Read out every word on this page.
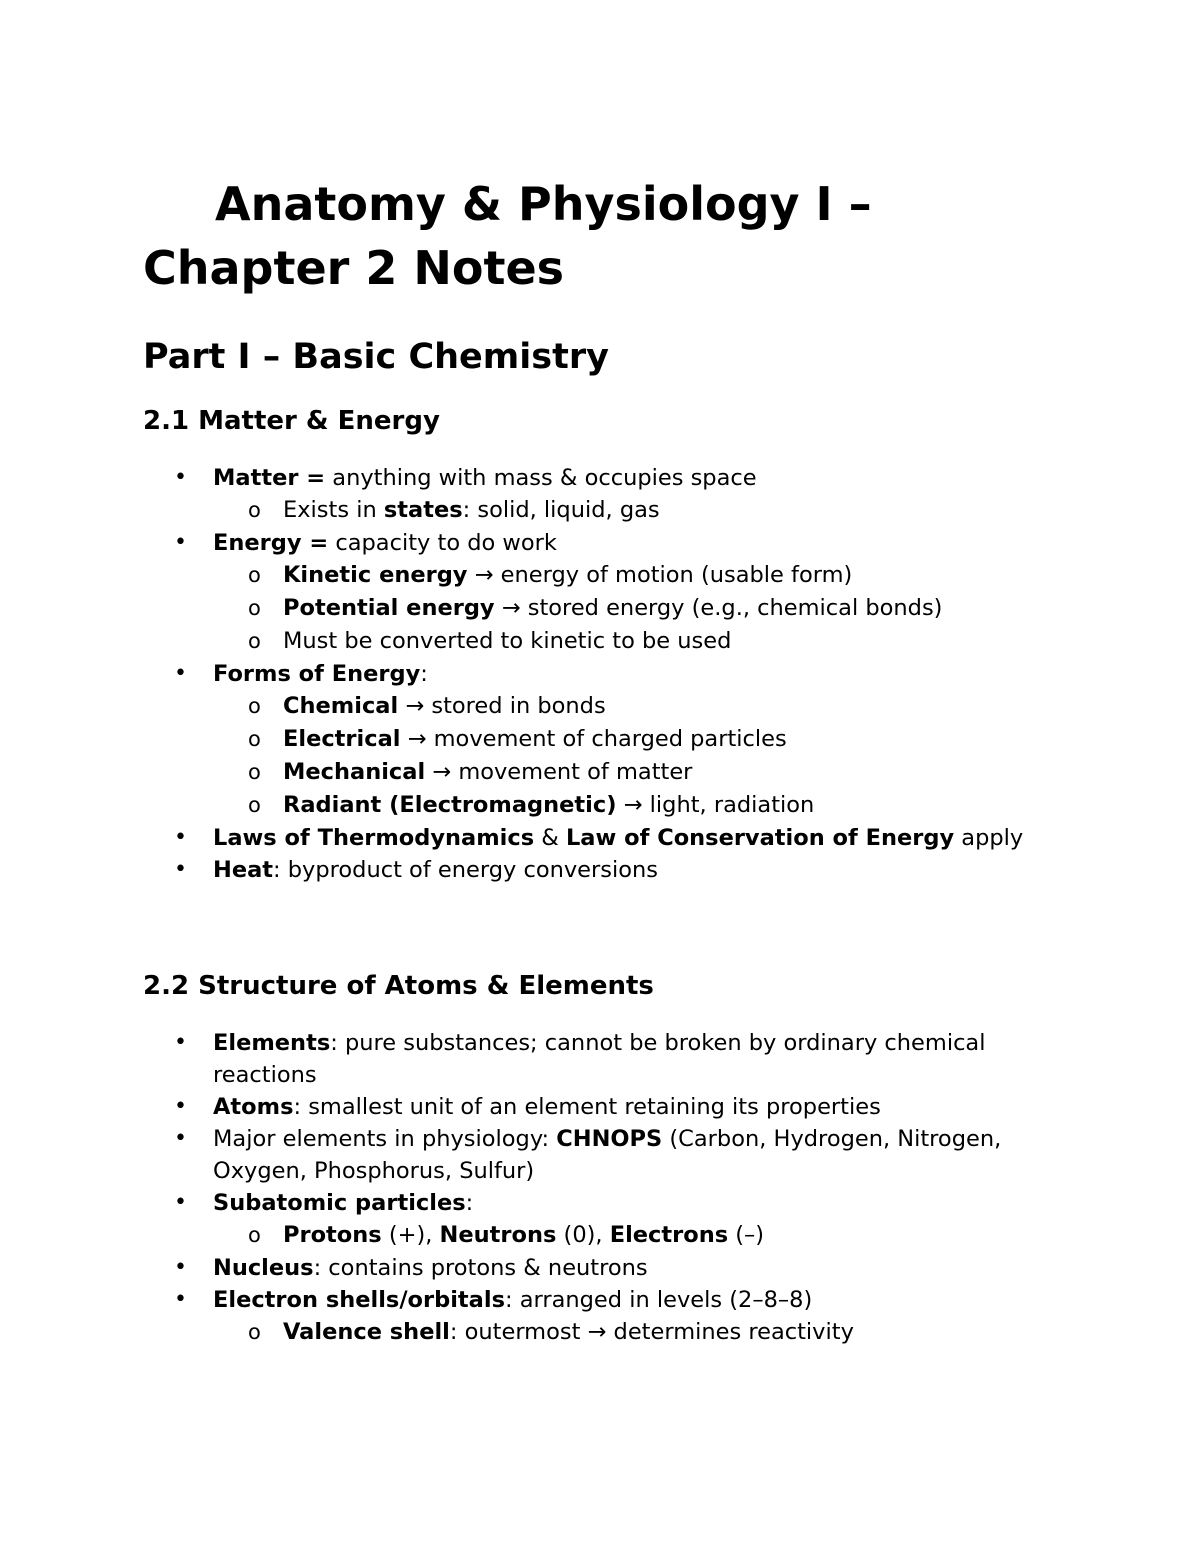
Anatomy & Physiology I –
Chapter 2 Notes
Part I – Basic Chemistry
2.1 Matter & Energy
•	Matter = anything with mass & occupies space
o Exists in states: solid, liquid, gas
•	Energy = capacity to do work
o Kinetic energy → energy of motion (usable form)
o Potential energy → stored energy (e.g., chemical bonds)
o Must be converted to kinetic to be used
•	Forms of Energy:
o Chemical → stored in bonds
o Electrical → movement of charged particles
o Mechanical → movement of matter
o Radiant (Electromagnetic) → light, radiation
•	Laws of Thermodynamics & Law of Conservation of Energy apply
•	Heat: byproduct of energy conversions
2.2 Structure of Atoms & Elements
•	Elements: pure substances; cannot be broken by ordinary chemical reactions
•	Atoms: smallest unit of an element retaining its properties
•	Major elements in physiology: CHNOPS (Carbon, Hydrogen, Nitrogen, Oxygen, Phosphorus, Sulfur)
•	Subatomic particles:
o Protons (+), Neutrons (0), Electrons (–)
•	Nucleus: contains protons & neutrons
•	Electron shells/orbitals: arranged in levels (2–8–8)
o Valence shell: outermost → determines reactivity
